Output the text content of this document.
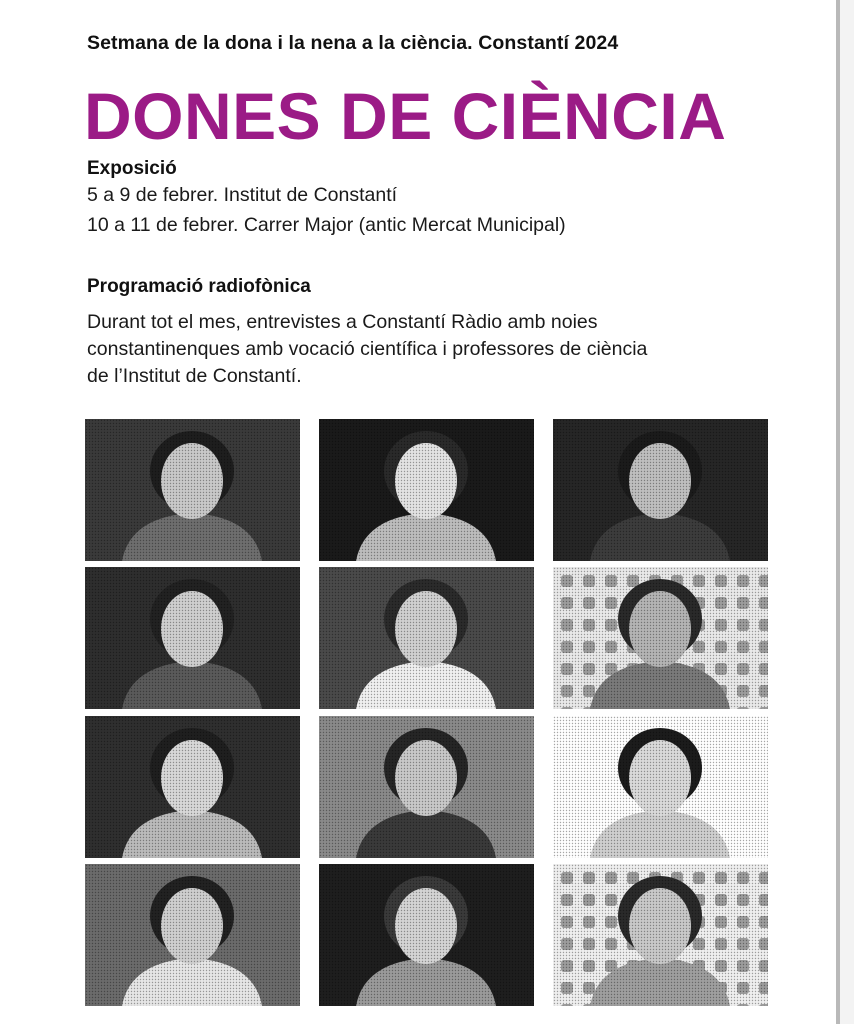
Setmana de la dona i la nena a la ciència. Constantí 2024
DONES DE CIÈNCIA
Exposició
5 a 9 de febrer. Institut de Constantí
10 a 11 de febrer. Carrer Major (antic Mercat Municipal)
Programació radiofònica
Durant tot el mes, entrevistes a Constantí Ràdio amb noies
constantinenques amb vocació científica i professores de ciència
de l’Institut de Constantí.
